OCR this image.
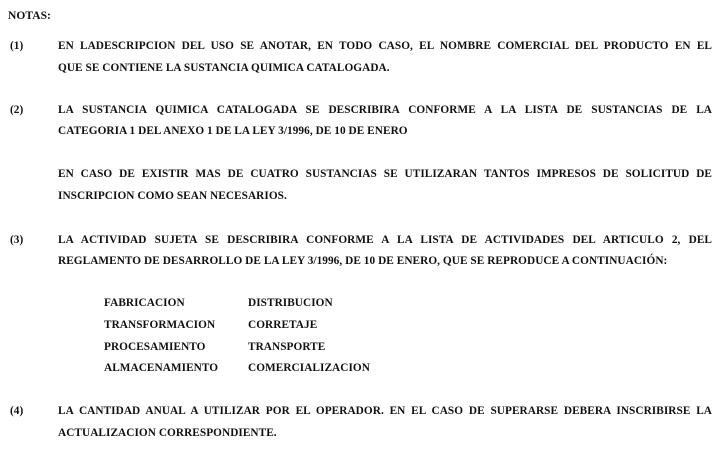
NOTAS:
(1)	EN LADESCRIPCION DEL USO SE ANOTAR, EN TODO CASO, EL NOMBRE COMERCIAL DEL PRODUCTO EN EL
QUE SE CONTIENE LA SUSTANCIA QUIMICA CATALOGADA.
(2)	LA SUSTANCIA QUIMICA CATALOGADA SE DESCRIBIRA CONFORME A LA LISTA DE SUSTANCIAS DE LA
CATEGORIA 1 DEL ANEXO 1 DE LA LEY 3/1996, DE 10 DE ENERO
EN CASO DE EXISTIR MAS DE CUATRO SUSTANCIAS SE UTILIZARAN TANTOS IMPRESOS DE SOLICITUD DE
INSCRIPCION COMO SEAN NECESARIOS.
(3)	LA ACTIVIDAD SUJETA SE DESCRIBIRA CONFORME A LA LISTA DE ACTIVIDADES DEL ARTICULO 2, DEL
REGLAMENTO DE DESARROLLO DE LA LEY 3/1996, DE 10 DE ENERO, QUE SE REPRODUCE A CONTINUACIÓN:
FABRICACION	DISTRIBUCION
TRANSFORMACION	CORRETAJE
PROCESAMIENTO	TRANSPORTE
ALMACENAMIENTO	COMERCIALIZACION
(4)	LA CANTIDAD ANUAL A UTILIZAR POR EL OPERADOR. EN EL CASO DE SUPERARSE DEBERA INSCRIBIRSE LA
ACTUALIZACION CORRESPONDIENTE.
